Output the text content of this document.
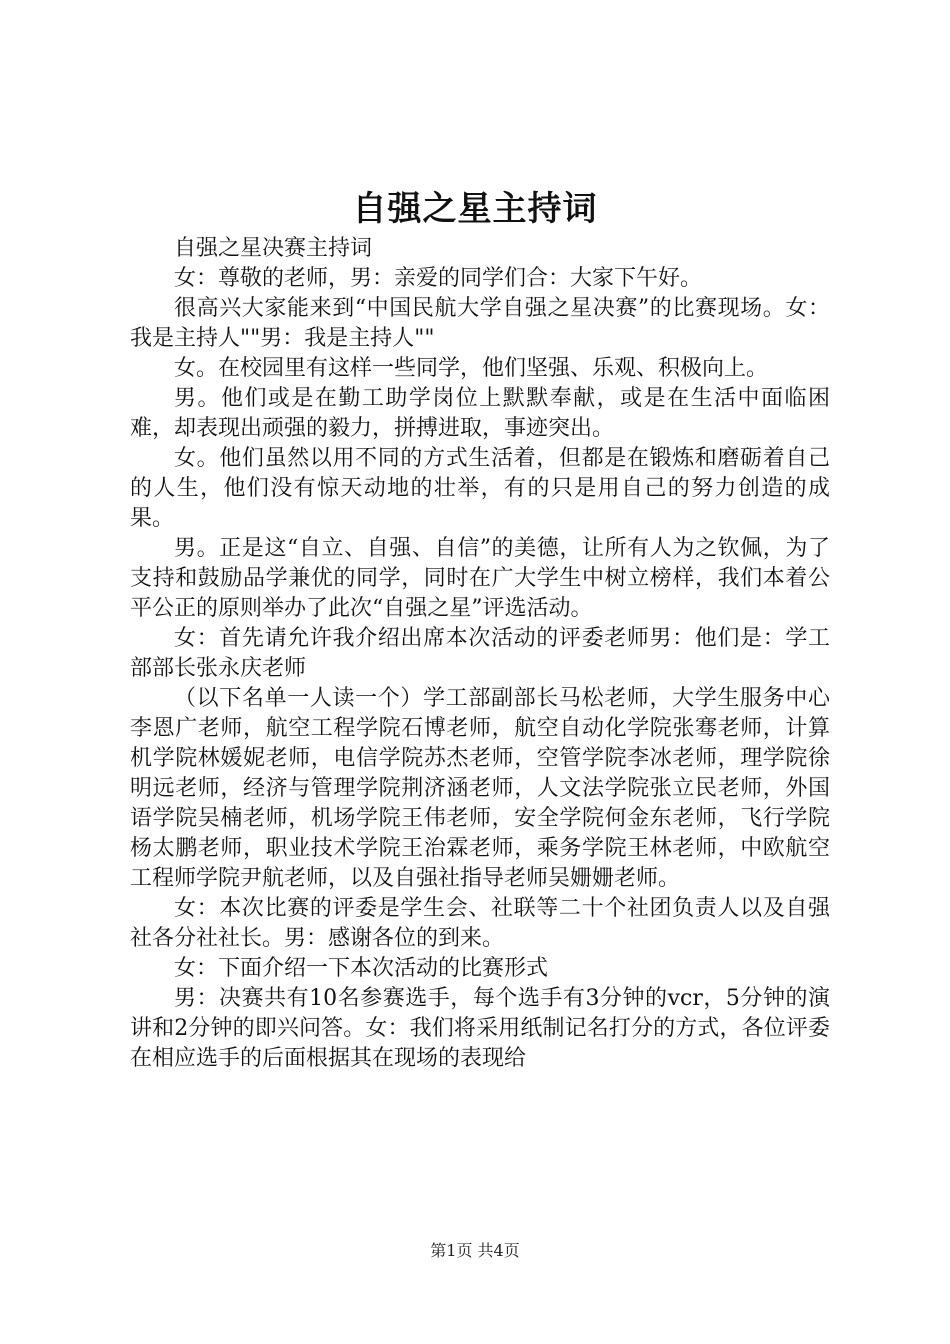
自强之星主持词

自强之星决赛主持词

女：尊敬的老师，男：亲爱的同学们合：大家下午好。

很高兴大家能来到“中国民航大学自强之星决赛”的比赛现场。女：我是主持人""男：我是主持人""

女。在校园里有这样一些同学，他们坚强、乐观、积极向上。

男。他们或是在勤工助学岗位上默默奉献，或是在生活中面临困难，却表现出顽强的毅力，拼搏进取，事迹突出。

女。他们虽然以用不同的方式生活着，但都是在锻炼和磨砺着自己的人生，他们没有惊天动地的壮举，有的只是用自己的努力创造的成果。

男。正是这“自立、自强、自信”的美德，让所有人为之钦佩，为了支持和鼓励品学兼优的同学，同时在广大学生中树立榜样，我们本着公平公正的原则举办了此次“自强之星”评选活动。

女：首先请允许我介绍出席本次活动的评委老师男：他们是：学工部部长张永庆老师

（以下名单一人读一个）学工部副部长马松老师，大学生服务中心李恩广老师，航空工程学院石博老师，航空自动化学院张骞老师，计算机学院林媛妮老师，电信学院苏杰老师，空管学院李冰老师，理学院徐明远老师，经济与管理学院荆济涵老师，人文法学院张立民老师，外国语学院吴楠老师，机场学院王伟老师，安全学院何金东老师，飞行学院杨太鹏老师，职业技术学院王治霖老师，乘务学院王林老师，中欧航空工程师学院尹航老师，以及自强社指导老师吴姗姗老师。

女：本次比赛的评委是学生会、社联等二十个社团负责人以及自强社各分社社长。男：感谢各位的到来。

女：下面介绍一下本次活动的比赛形式

男：决赛共有10名参赛选手，每个选手有3分钟的vcr，5分钟的演讲和2分钟的即兴问答。女：我们将采用纸制记名打分的方式，各位评委在相应选手的后面根据其在现场的表现给

第1页 共4页
